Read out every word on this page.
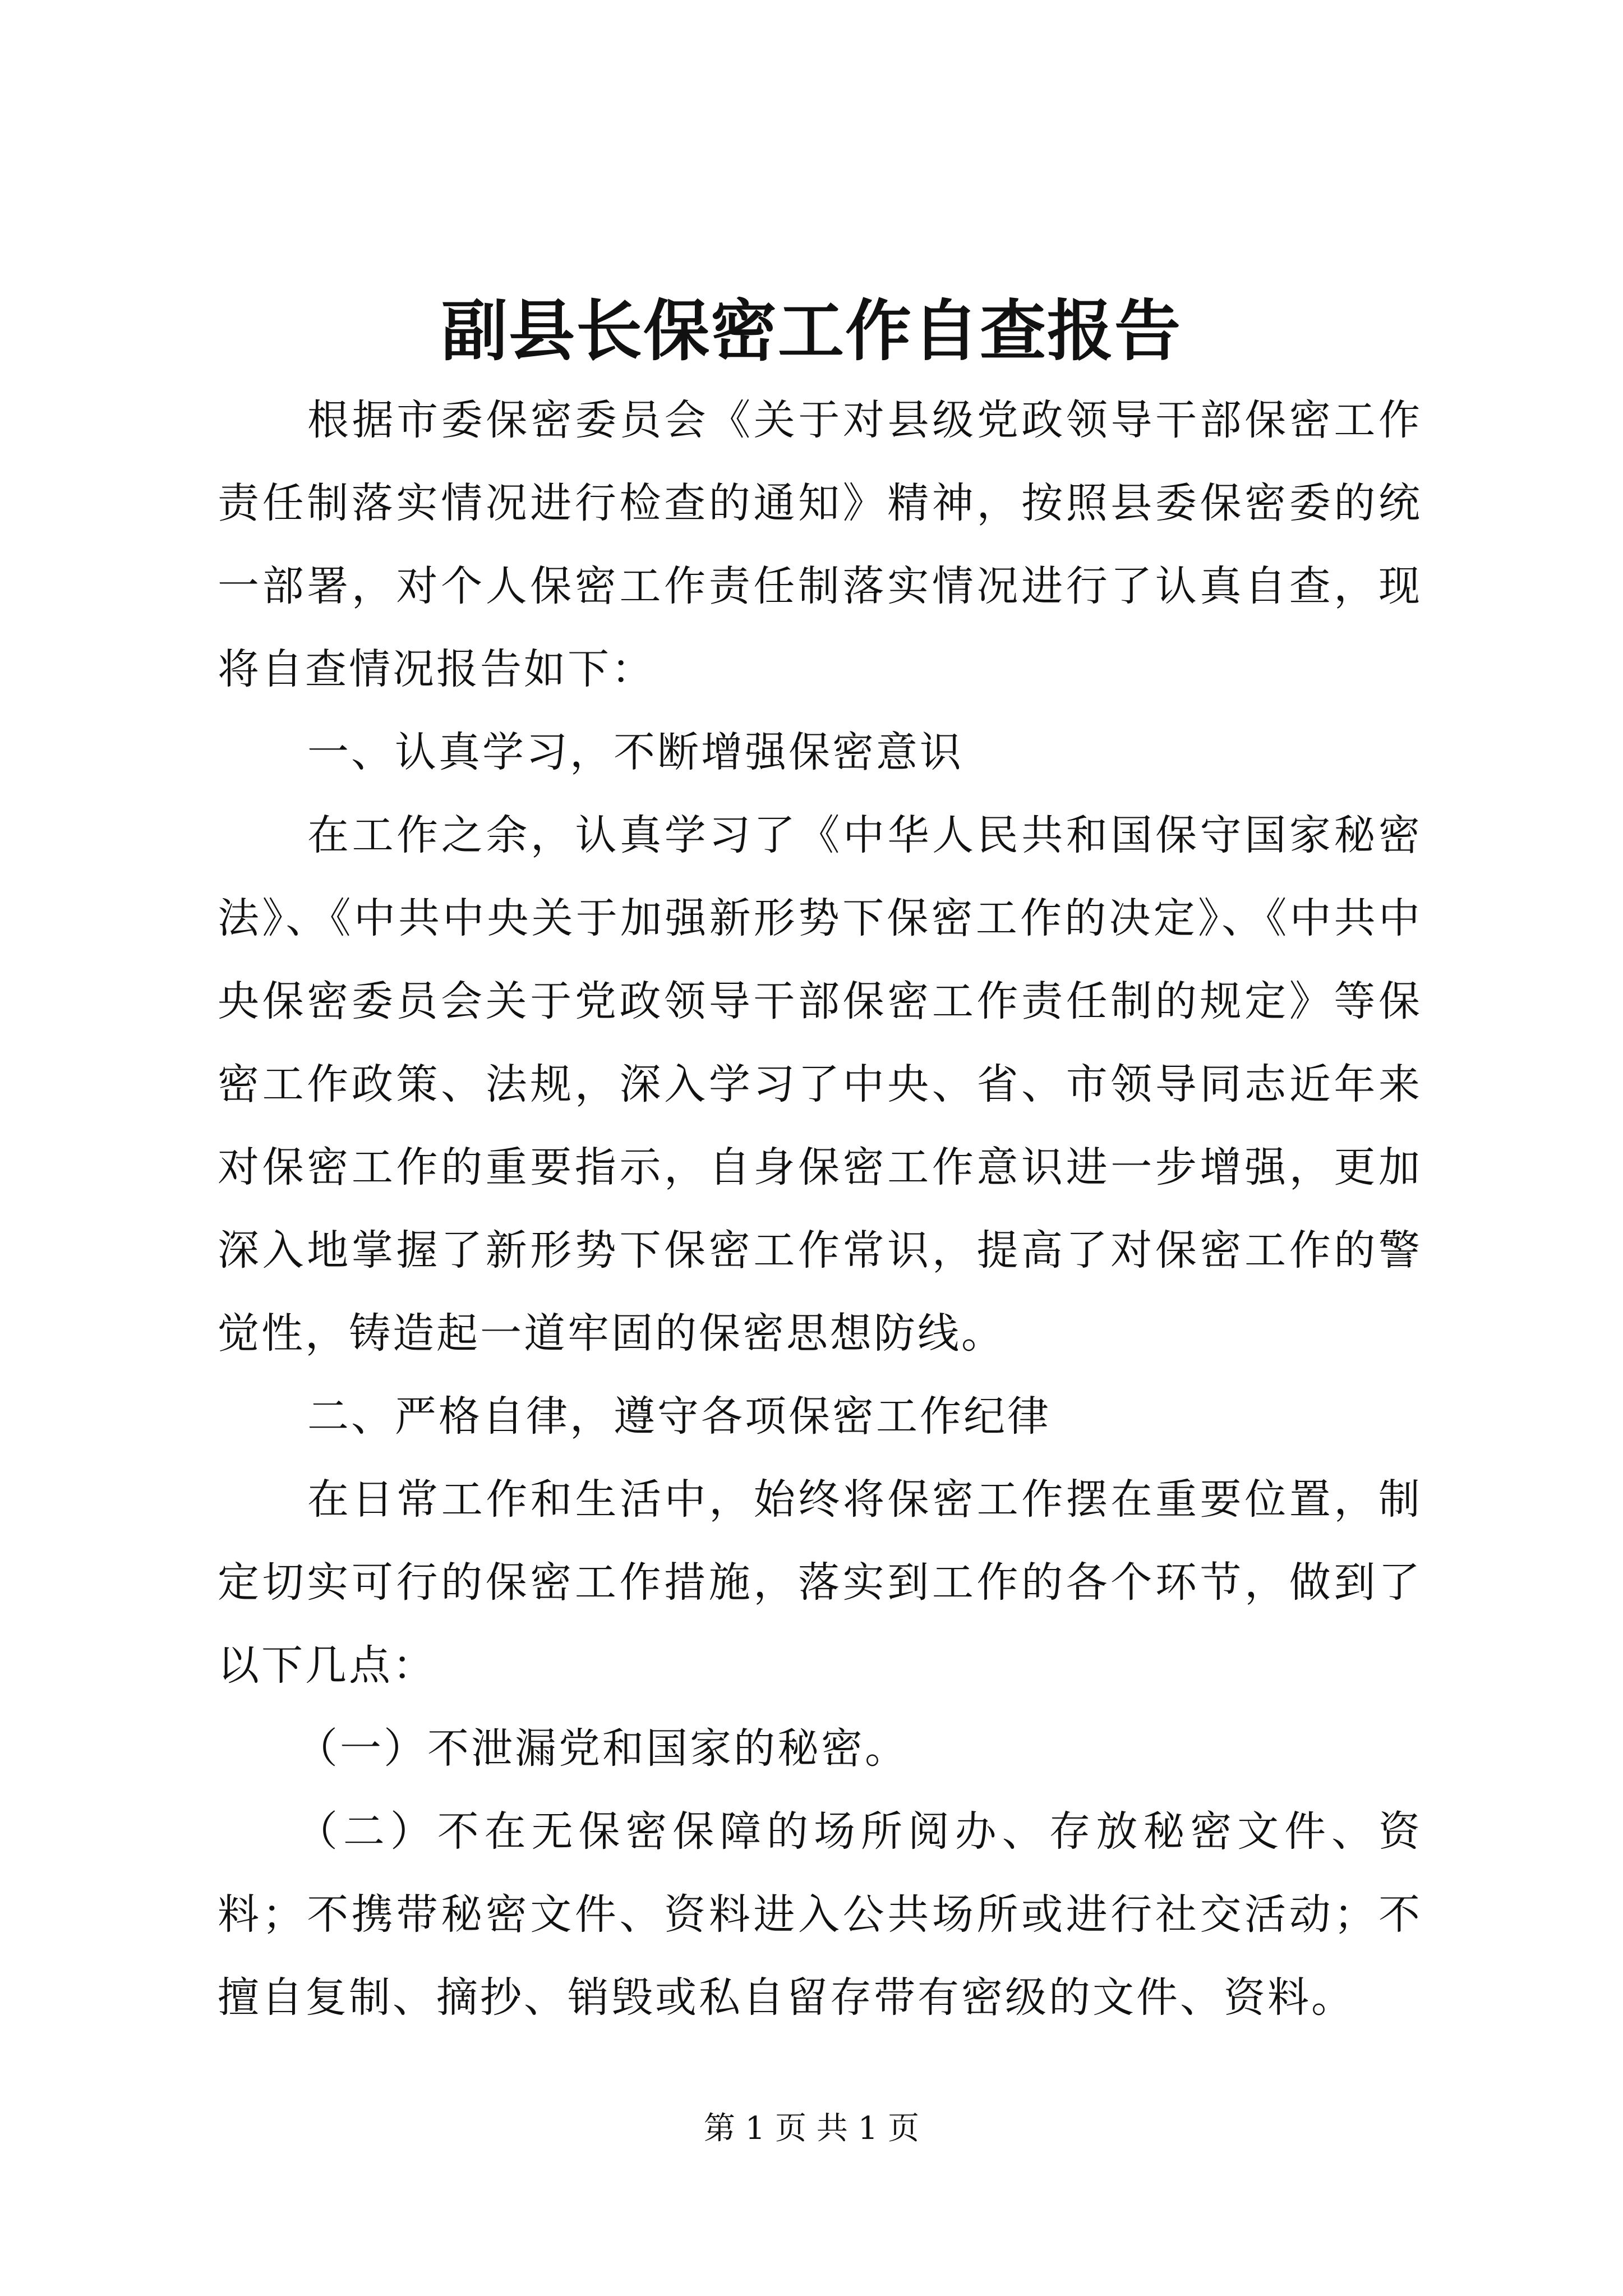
副县长保密工作自查报告

根据市委保密委员会《关于对县级党政领导干部保密工作责任制落实情况进行检查的通知》精神，按照县委保密委的统一部署，对个人保密工作责任制落实情况进行了认真自查，现将自查情况报告如下：

一、认真学习，不断增强保密意识

在工作之余，认真学习了《中华人民共和国保守国家秘密法》、《中共中央关于加强新形势下保密工作的决定》、《中共中央保密委员会关于党政领导干部保密工作责任制的规定》等保密工作政策、法规，深入学习了中央、省、市领导同志近年来对保密工作的重要指示，自身保密工作意识进一步增强，更加深入地掌握了新形势下保密工作常识，提高了对保密工作的警觉性，铸造起一道牢固的保密思想防线。

二、严格自律，遵守各项保密工作纪律

在日常工作和生活中，始终将保密工作摆在重要位置，制定切实可行的保密工作措施，落实到工作的各个环节，做到了以下几点：

（一）不泄漏党和国家的秘密。

（二）不在无保密保障的场所阅办、存放秘密文件、资料；不携带秘密文件、资料进入公共场所或进行社交活动；不擅自复制、摘抄、销毁或私自留存带有密级的文件、资料。

第 1 页 共 1 页
